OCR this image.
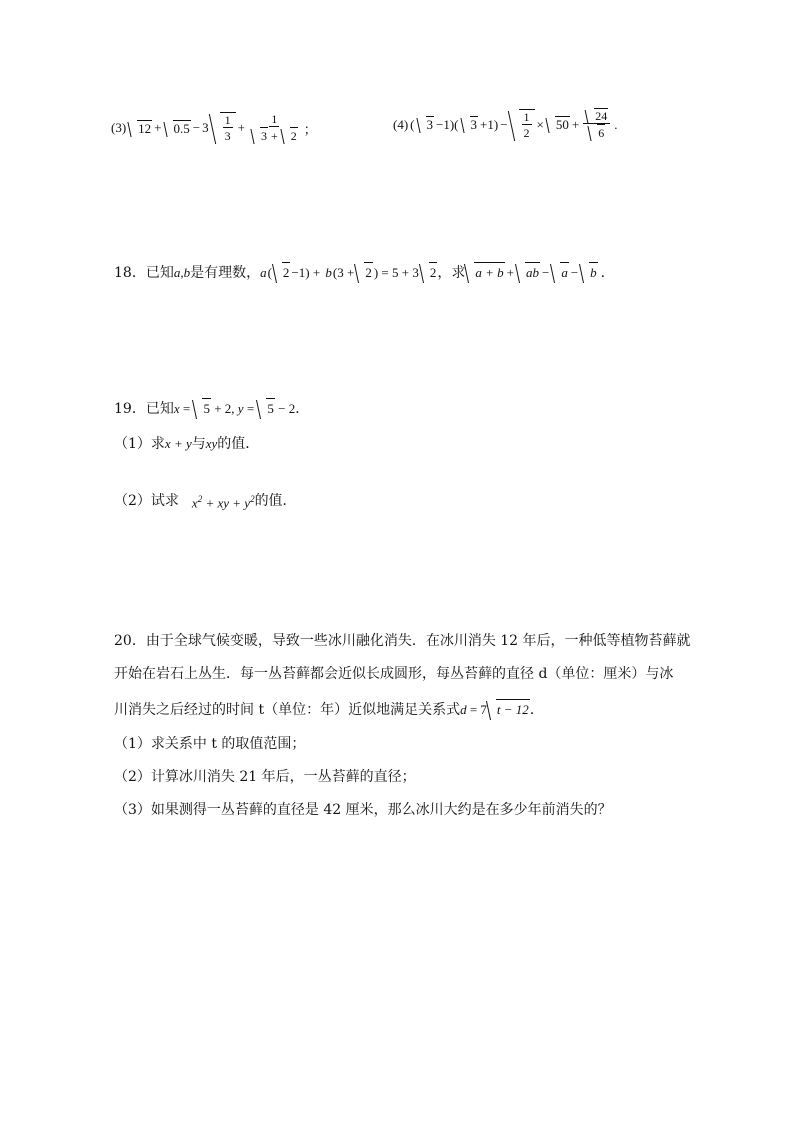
(3) $12 + 0.5 - 3 \frac{1}{3} + \frac{1}{3 + 2}$ ；	(4) ( 3 −1)( $3 +1) - \frac{1}{2} \times 50 + \frac{24}{6}$ .
18．已知 a,b 是有理数， a ( 2 −1) +
b (3 + 2 ) = 5 + 3 2 ，求 a + b + ab − a − b .
19．已知 x = 5 + 2, y = 5 − 2 ．
（1）求 x + y 与 xy 的值．
（2）试求	$x^2$ + xy + $y^2$
的值．
20．由于全球气候变暖，导致一些冰川融化消失．在冰川消失 12 年后，一种低等植物苔藓就
开始在岩石上丛生．每一丛苔藓都会近似长成圆形，每丛苔藓的直径 d（单位：厘米）与冰
川消失之后经过的时间 t（单位：年）近似地满足关系式 d = 7 t − 12 ．
（1）求关系中 t 的取值范围；
（2）计算冰川消失 21 年后，一丛苔藓的直径；
（3）如果测得一丛苔藓的直径是 42 厘米，那么冰川大约是在多少年前消失的？
